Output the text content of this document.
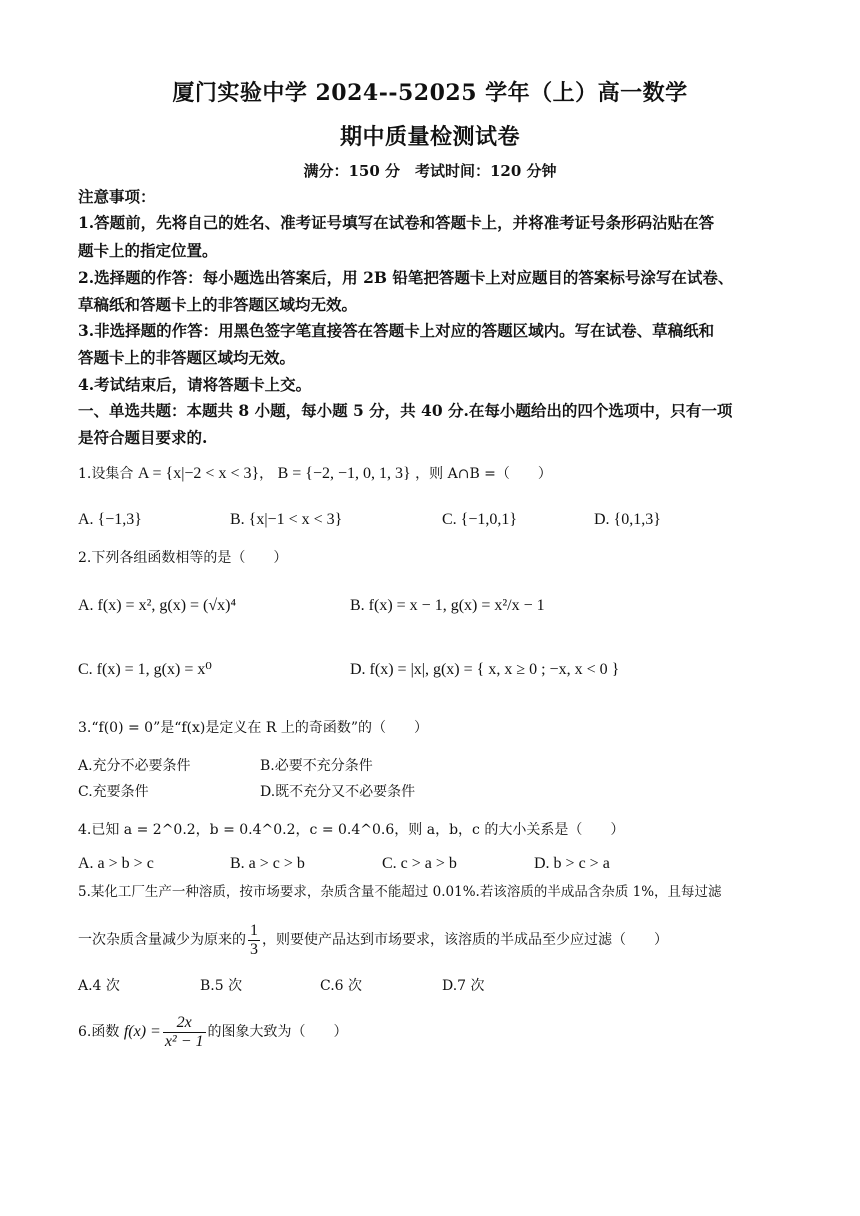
厦门实验中学 2024--52025 学年（上）高一数学
期中质量检测试卷
满分：150 分　考试时间：120 分钟
注意事项：
1.答题前，先将自己的姓名、准考证号填写在试卷和答题卡上，并将准考证号条形码沾贴在答
题卡上的指定位置。
2.选择题的作答：每小题选出答案后，用 2B 铅笔把答题卡上对应题目的答案标号涂写在试卷、
草稿纸和答题卡上的非答题区域均无效。
3.非选择题的作答：用黑色签字笔直接答在答题卡上对应的答题区域内。写在试卷、草稿纸和
答题卡上的非答题区域均无效。
4.考试结束后，请将答题卡上交。
一、单选共题：本题共 8 小题，每小题 5 分，共 40 分.在每小题给出的四个选项中，只有一项
是符合题目要求的.
1.设集合 A = {x|−2 < x < 3}， B = {−2, −1, 0, 1, 3} ，则 A∩B =（　　）
A. {−1,3}	B. {x|−1 < x < 3}	C. {−1,0,1}	D. {0,1,3}
2.下列各组函数相等的是（　　）
A. f(x) = x², g(x) = (√x)⁴	B. f(x) = x − 1, g(x) = x²/x − 1
C. f(x) = 1, g(x) = x⁰	D. f(x) = |x|, g(x) = { x, x ≥ 0 ; −x, x < 0 }
3.“f(0) = 0”是“f(x)是定义在 R 上的奇函数”的（　　）
A.充分不必要条件	B.必要不充分条件
C.充要条件	D.既不充分又不必要条件
4.已知 a = 2^0.2，b = 0.4^0.2，c = 0.4^0.6，则 a，b，c 的大小关系是（　　）
A. a > b > c	B. a > c > b	C. c > a > b	D. b > c > a
5.某化工厂生产一种溶质，按市场要求，杂质含量不能超过 0.01%.若该溶质的半成品含杂质 1%，且每过滤
一次杂质含量减少为原来的 $\frac{1}{3}$ ，则要使产品达到市场要求，该溶质的半成品至少应过滤（　　）
A.4 次	B.5 次	C.6 次	D.7 次
6.函数 $f(x) = \frac{2x}{\text{x² − 1}}$ 的图象大致为（　　）
